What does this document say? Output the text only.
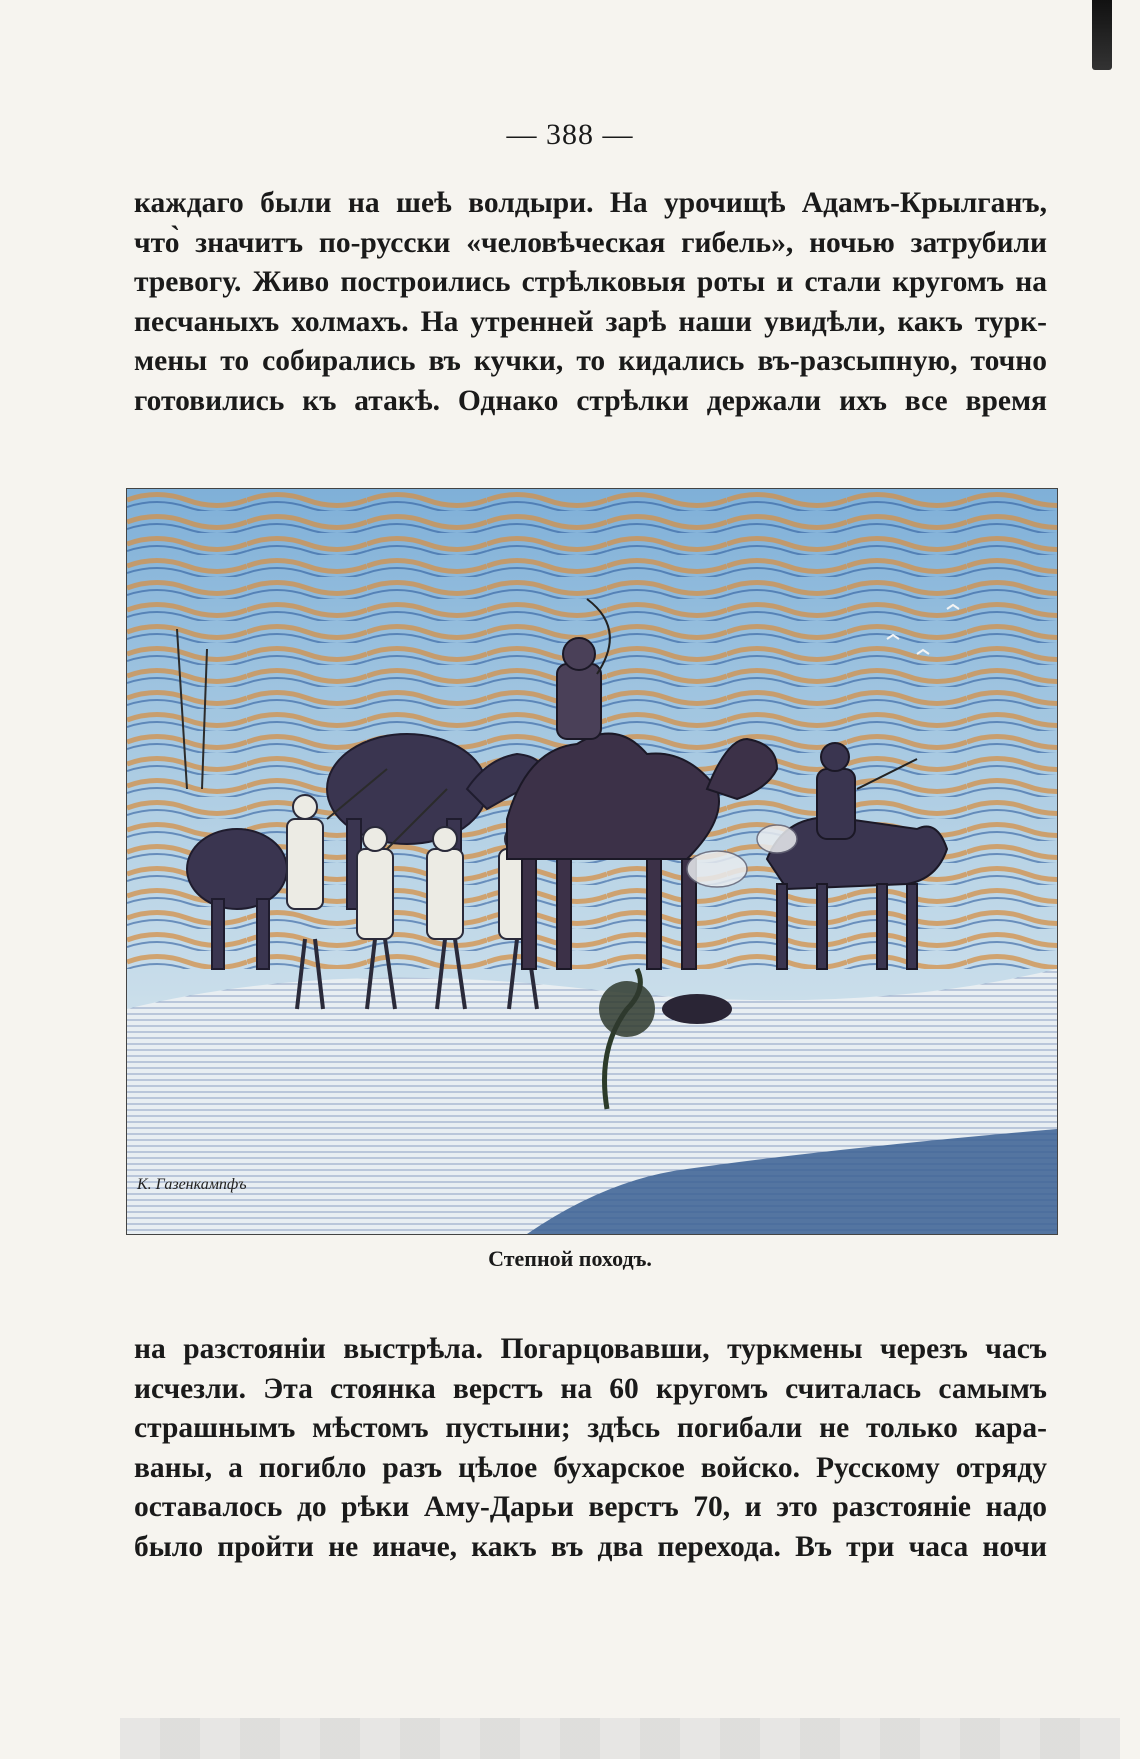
— 388 —
каждаго были на шеѣ волдыри. На урочищѣ Адамъ-Крылганъ,
что̀ значитъ по-русски «человѣческая гибель», ночью затрубили
тревогу. Живо построились стрѣлковыя роты и стали кругомъ на
песчаныхъ холмахъ. На утренней зарѣ наши увидѣли, какъ турк-
мены то собирались въ кучки, то кидались въ-разсыпную, точно
готовились къ атакѣ. Однако стрѣлки держали ихъ все время
К. Газенкампфъ
Степной походъ.
на разстояніи выстрѣла. Погарцовавши, туркмены черезъ часъ
исчезли. Эта стоянка верстъ на 60 кругомъ считалась самымъ
страшнымъ мѣстомъ пустыни; здѣсь погибали не только кара-
ваны, а погибло разъ цѣлое бухарское войско. Русскому отряду
оставалось до рѣки Аму-Дарьи верстъ 70, и это разстояніе надо
было пройти не иначе, какъ въ два перехода. Въ три часа ночи
